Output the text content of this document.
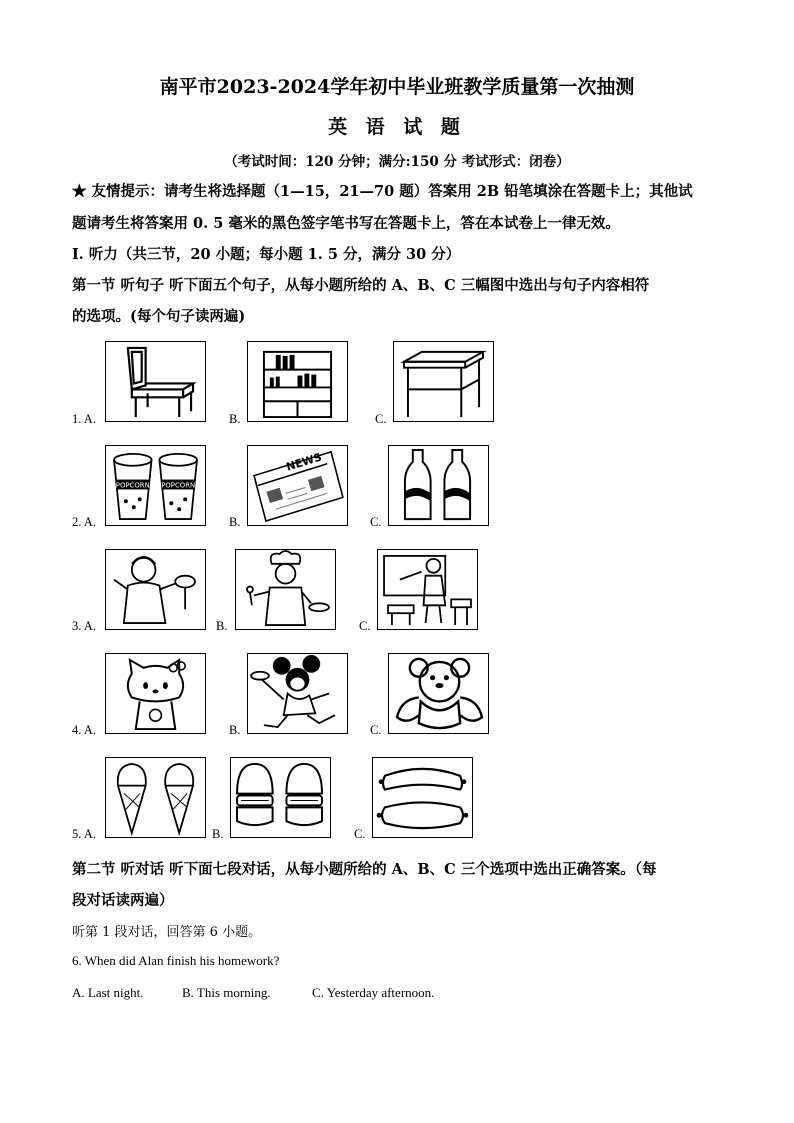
南平市2023-2024学年初中毕业班教学质量第一次抽测
英 语 试 题
（考试时间：120 分钟；满分:150 分 考试形式：闭卷）
★ 友情提示：请考生将选择题（1—15，21—70 题）答案用 2B 铅笔填涂在答题卡上；其他试
题请考生将答案用 0. 5 毫米的黑色签字笔书写在答题卡上，答在本试卷上一律无效。
I. 听力（共三节，20 小题；每小题 1. 5 分，满分 30 分）
第一节 听句子 听下面五个句子，从每小题所给的 A、B、C 三幅图中选出与句子内容相符
的选项。(每个句子读两遍)
1. A.	B.	C.
2. A.
POPCORN POPCORN
B.
NEWS
C.
3. A.	B.	C.
4. A.	B.	C.
5. A.	B.	C.
第二节 听对话 听下面七段对话，从每小题所给的 A、B、C 三个选项中选出正确答案。（每
段对话读两遍）
听第 1 段对话，回答第 6 小题。
6. When did Alan finish his homework?
A. Last night.	B. This morning.	C. Yesterday afternoon.
